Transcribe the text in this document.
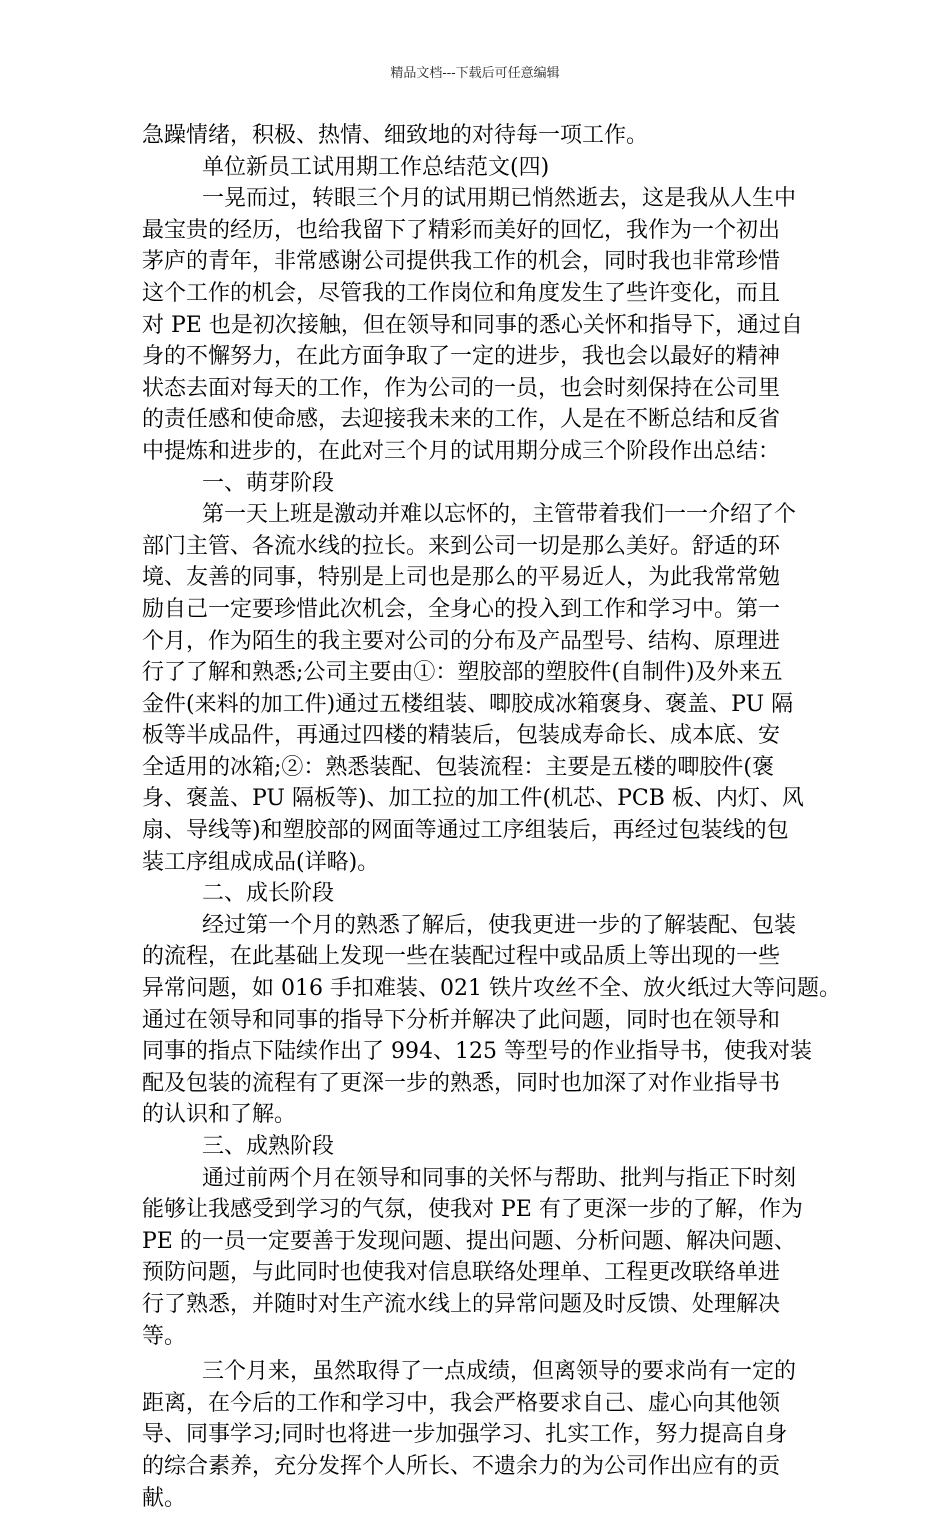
精品文档---下载后可任意编辑
急躁情绪，积极、热情、细致地的对待每一项工作。
单位新员工试用期工作总结范文(四)
一晃而过，转眼三个月的试用期已悄然逝去，这是我从人生中
最宝贵的经历，也给我留下了精彩而美好的回忆，我作为一个初出
茅庐的青年，非常感谢公司提供我工作的机会，同时我也非常珍惜
这个工作的机会，尽管我的工作岗位和角度发生了些许变化，而且
对 PE 也是初次接触，但在领导和同事的悉心关怀和指导下，通过自
身的不懈努力，在此方面争取了一定的进步，我也会以最好的精神
状态去面对每天的工作，作为公司的一员，也会时刻保持在公司里
的责任感和使命感，去迎接我未来的工作，人是在不断总结和反省
中提炼和进步的，在此对三个月的试用期分成三个阶段作出总结：
一、萌芽阶段
第一天上班是激动并难以忘怀的，主管带着我们一一介绍了个
部门主管、各流水线的拉长。来到公司一切是那么美好。舒适的环
境、友善的同事，特别是上司也是那么的平易近人，为此我常常勉
励自己一定要珍惜此次机会，全身心的投入到工作和学习中。第一
个月，作为陌生的我主要对公司的分布及产品型号、结构、原理进
行了了解和熟悉;公司主要由①：塑胶部的塑胶件(自制件)及外来五
金件(来料的加工件)通过五楼组装、唧胶成冰箱褒身、褒盖、PU 隔
板等半成品件，再通过四楼的精装后，包装成寿命长、成本底、安
全适用的冰箱;②：熟悉装配、包装流程：主要是五楼的唧胶件(褒
身、褒盖、PU 隔板等)、加工拉的加工件(机芯、PCB 板、内灯、风
扇、导线等)和塑胶部的网面等通过工序组装后，再经过包装线的包
装工序组成成品(详略)。
二、成长阶段
经过第一个月的熟悉了解后，使我更进一步的了解装配、包装
的流程，在此基础上发现一些在装配过程中或品质上等出现的一些
异常问题，如 016 手扣难装、021 铁片攻丝不全、放火纸过大等问题。
通过在领导和同事的指导下分析并解决了此问题，同时也在领导和
同事的指点下陆续作出了 994、125 等型号的作业指导书，使我对装
配及包装的流程有了更深一步的熟悉，同时也加深了对作业指导书
的认识和了解。
三、成熟阶段
通过前两个月在领导和同事的关怀与帮助、批判与指正下时刻
能够让我感受到学习的气氛，使我对 PE 有了更深一步的了解，作为
PE 的一员一定要善于发现问题、提出问题、分析问题、解决问题、
预防问题，与此同时也使我对信息联络处理单、工程更改联络单进
行了熟悉，并随时对生产流水线上的异常问题及时反馈、处理解决
等。
三个月来，虽然取得了一点成绩，但离领导的要求尚有一定的
距离，在今后的工作和学习中，我会严格要求自己、虚心向其他领
导、同事学习;同时也将进一步加强学习、扎实工作，努力提高自身
的综合素养，充分发挥个人所长、不遗余力的为公司作出应有的贡
献。
